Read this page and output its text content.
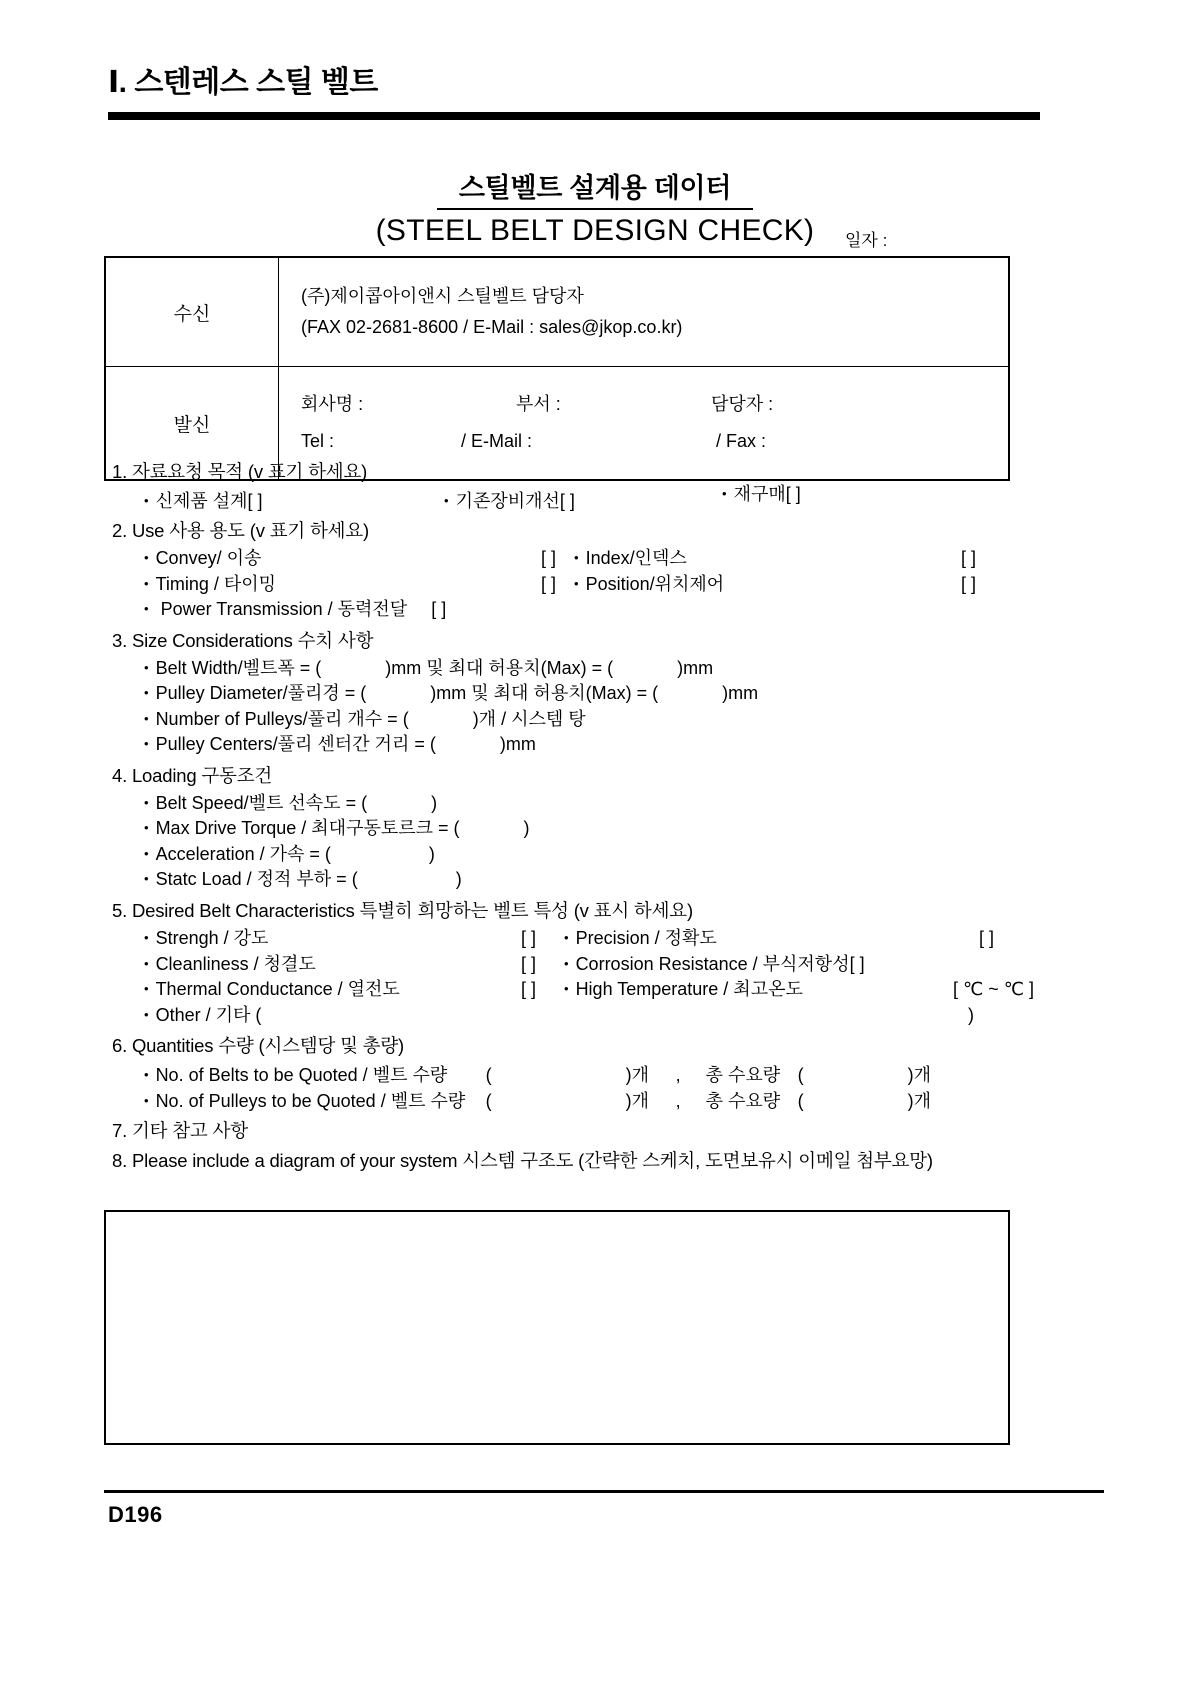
Ⅰ. 스텐레스 스틸 벨트
스틸벨트 설계용 데이터
(STEEL BELT DESIGN CHECK)	일자 :
수신	(주)제이콥아이앤시 스틸벨트 담당자
(FAX 02-2681-8600 / E-Mail : sales@jkop.co.kr)

발신	
회사명 :	부서 :	담당자 :
Tel :	/ E-Mail :	/ Fax :
1. 자료요청 목적 (v 표기 하세요)
• 신제품 설계 [ ]	• 기존장비개선 [ ]	• 재구매 [ ]
2. Use 사용 용도 (v 표기 하세요)
• Convey/ 이송	[ ]	• Index/인덱스	[ ]
• Timing / 타이밍	[ ]	• Position/위치제어	[ ]
• Power Transmission / 동력전달 [ ]
3. Size Considerations 수치 사항
• Belt Width/벨트폭 = (	)mm 및 최대 허용치(Max) = (	)mm
• Pulley Diameter/풀리경 = (	)mm 및 최대 허용치(Max) = (	)mm
• Number of Pulleys/풀리 개수 = (	)개 / 시스템 탕
• Pulley Centers/풀리 센터간 거리 = (	)mm
4. Loading 구동조건
• Belt Speed/벨트 선속도 = (	)
• Max Drive Torque / 최대구동토르크 = (	)
• Acceleration / 가속 = (	)
• Statc Load / 정적 부하 = (	)
5. Desired Belt Characteristics 특별히 희망하는 벨트 특성 (v 표시 하세요)
• Strengh / 강도	[ ]	• Precision / 정확도	[ ]
• Cleanliness / 청결도	[ ]	• Corrosion Resistance / 부식저항성 [ ]
• Thermal Conductance / 열전도	[ ]	• High Temperature / 최고온도	[ ℃ ~ ℃ ]
• Other / 기타 (	)
6. Quantities 수량 (시스템당 및 총량)
• No. of Belts to be Quoted / 벨트 수량	(	)개	,	총 수요량 (	)개
• No. of Pulleys to be Quoted / 벨트 수량	(	)개	,	총 수요량 (	)개
7. 기타 참고 사항
8. Please include a diagram of your system 시스템 구조도 (간략한 스케치, 도면보유시 이메일 첨부요망)
D196
